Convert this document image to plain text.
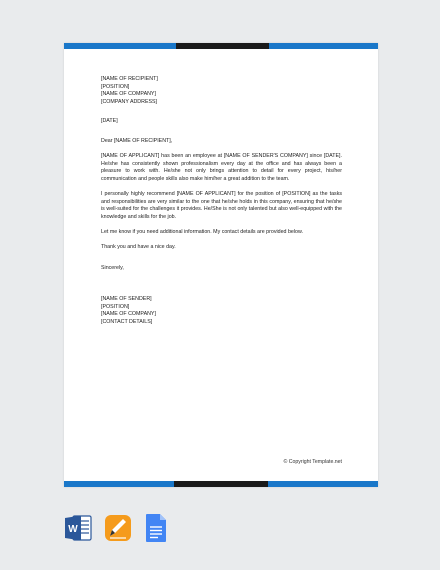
[NAME OF RECIPIENT]

[POSITION]

[NAME OF COMPANY]

[COMPANY ADDRESS]

[DATE]

Dear [NAME OF RECIPIENT],

[NAME OF APPLICANT] has been an employee at [NAME OF SENDER'S COMPANY] since [DATE]. He/she has consistently shown professionalism every day at the office and has always been a pleasure to work with. He/she not only brings attention to detail for every project, his/her communication and people skills also make him/her a great addition to the team.

I personally highly recommend [NAME OF APPLICANT] for the position of [POSITION] as the tasks and responsibilities are very similar to the one that he/she holds in this company, ensuring that he/she is well-suited for the challenges it provides. He/She is not only talented but also well-equipped with the knowledge and skills for the job.

Let me know if you need additional information. My contact details are provided below.

Thank you and have a nice day.

Sincerely,

[NAME OF SENDER]

[POSITION]

[NAME OF COMPANY]

[CONTACT DETAILS]

© Copyright Template.net
W
